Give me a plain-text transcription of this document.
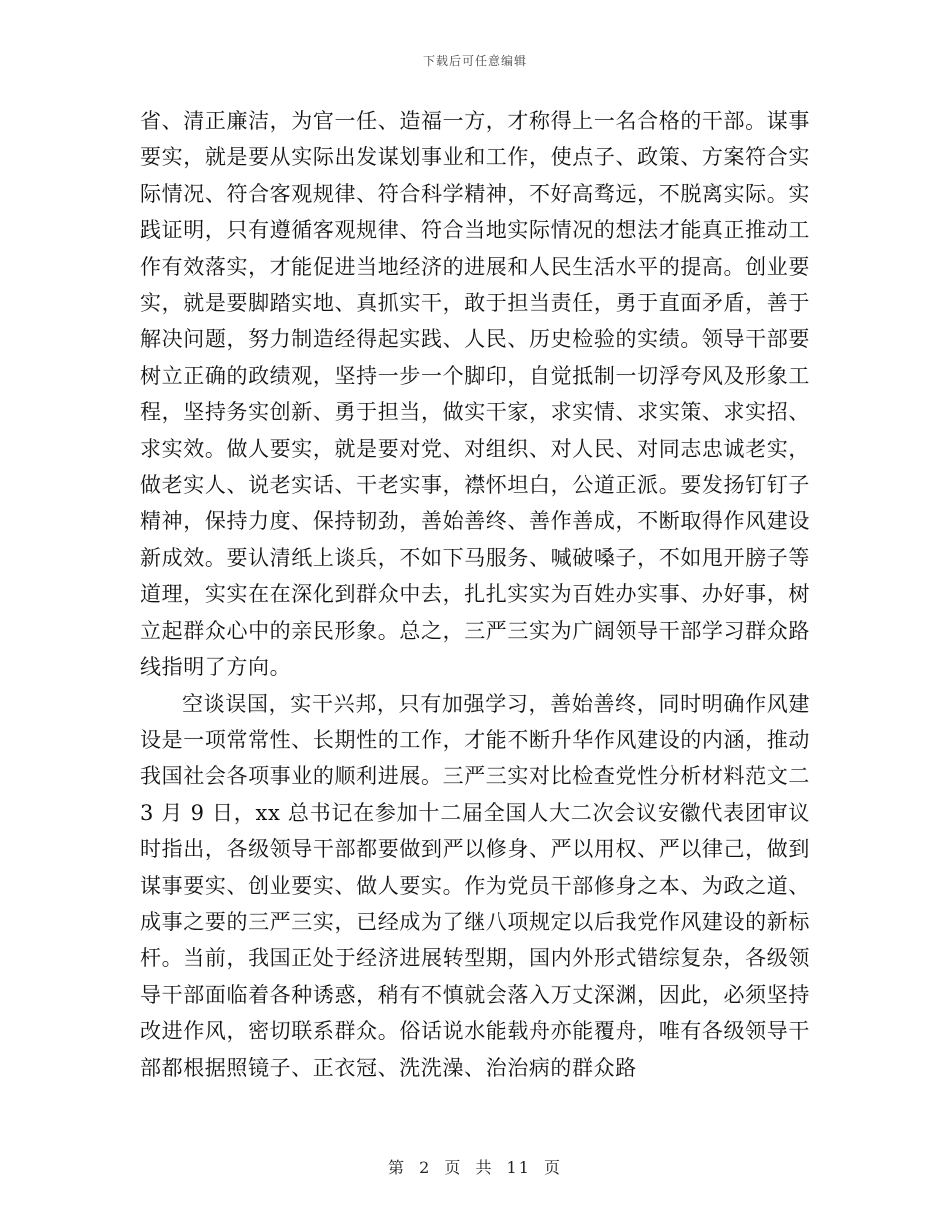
下载后可任意编辑

省、清正廉洁，为官一任、造福一方，才称得上一名合格的干部。谋事要实，就是要从实际出发谋划事业和工作，使点子、政策、方案符合实际情况、符合客观规律、符合科学精神，不好高骛远，不脱离实际。实践证明，只有遵循客观规律、符合当地实际情况的想法才能真正推动工作有效落实，才能促进当地经济的进展和人民生活水平的提高。创业要实，就是要脚踏实地、真抓实干，敢于担当责任，勇于直面矛盾，善于解决问题，努力制造经得起实践、人民、历史检验的实绩。领导干部要树立正确的政绩观，坚持一步一个脚印，自觉抵制一切浮夸风及形象工程，坚持务实创新、勇于担当，做实干家，求实情、求实策、求实招、求实效。做人要实，就是要对党、对组织、对人民、对同志忠诚老实，做老实人、说老实话、干老实事，襟怀坦白，公道正派。要发扬钉钉子精神，保持力度、保持韧劲，善始善终、善作善成，不断取得作风建设新成效。要认清纸上谈兵，不如下马服务、喊破嗓子，不如甩开膀子等道理，实实在在深化到群众中去，扎扎实实为百姓办实事、办好事，树立起群众心中的亲民形象。总之，三严三实为广阔领导干部学习群众路线指明了方向。

空谈误国，实干兴邦，只有加强学习，善始善终，同时明确作风建设是一项常常性、长期性的工作，才能不断升华作风建设的内涵，推动我国社会各项事业的顺利进展。三严三实对比检查党性分析材料范文二 3 月 9 日，xx 总书记在参加十二届全国人大二次会议安徽代表团审议时指出，各级领导干部都要做到严以修身、严以用权、严以律己，做到谋事要实、创业要实、做人要实。作为党员干部修身之本、为政之道、成事之要的三严三实，已经成为了继八项规定以后我党作风建设的新标杆。当前，我国正处于经济进展转型期，国内外形式错综复杂，各级领导干部面临着各种诱惑，稍有不慎就会落入万丈深渊，因此，必须坚持改进作风，密切联系群众。俗话说水能载舟亦能覆舟，唯有各级领导干部都根据照镜子、正衣冠、洗洗澡、治治病的群众路

第 2 页 共 11 页
